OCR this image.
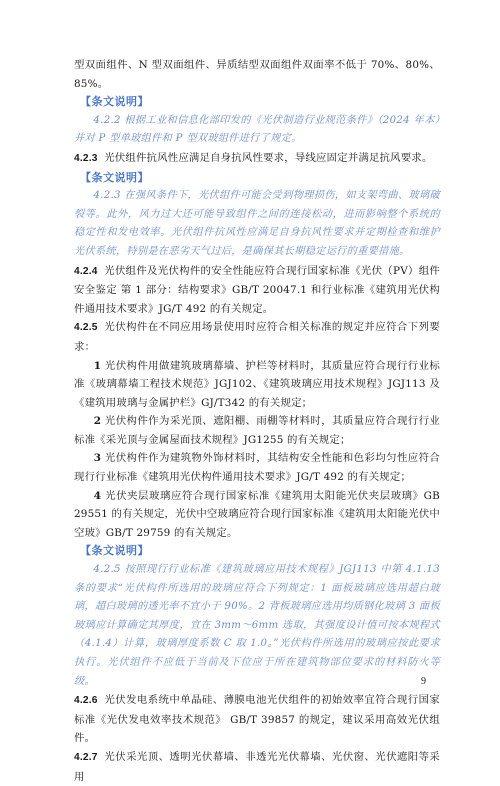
型双面组件、N 型双面组件、异质结型双面组件双面率不低于 70%、80%、85%。

【条文说明】

4.2.2 根据工业和信息化部印发的《光伏制造行业规范条件》（2024 年本）并对 P 型单玻组件和 P 型双玻组件进行了规定。

4.2.3 光伏组件抗风性应满足自身抗风性要求，导线应固定并满足抗风要求。

【条文说明】

4.2.3 在强风条件下，光伏组件可能会受到物理损伤，如支架弯曲、玻璃破裂等。此外，风力过大还可能导致组件之间的连接松动，进而影响整个系统的稳定性和发电效率。光伏组件抗风性应满足自身抗风性要求并定期检查和维护光伏系统，特别是在恶劣天气过后，是确保其长期稳定运行的重要措施。

4.2.4 光伏组件及光伏构件的安全性能应符合现行国家标准《光伏（PV）组件安全鉴定 第 1 部分：结构要求》GB/T 20047.1 和行业标准《建筑用光伏构件通用技术要求》JG/T 492 的有关规定。

4.2.5 光伏构件在不同应用场景使用时应符合相关标准的规定并应符合下列要求：

1 光伏构件用做建筑玻璃幕墙、护栏等材料时，其质量应符合现行行业标准《玻璃幕墙工程技术规范》JGJ102、《建筑玻璃应用技术规程》JGJ113 及《建筑用玻璃与金属护栏》GJ/T342 的有关规定；

2 光伏构件作为采光顶、遮阳棚、雨棚等材料时，其质量应符合现行行业标准《采光顶与金属屋面技术规程》JG1255 的有关规定；

3 光伏构件作为建筑物外饰材料时，其结构安全性能和色彩均匀性应符合现行行业标准《建筑用光伏构件通用技术要求》JG/T 492 的有关规定；

4 光伏夹层玻璃应符合现行国家标准《建筑用太阳能光伏夹层玻璃》GB 29551 的有关规定，光伏中空玻璃应符合现行国家标准《建筑用太阳能光伏中空玻》GB/T 29759 的有关规定。

【条文说明】

4.2.5 按照现行行业标准《建筑玻璃应用技术规程》JGJ113 中第 4.1.13 条的要求“光伏构件所选用的玻璃应符合下列规定：1 面板玻璃应选用超白玻璃，超白玻璃的透光率不宜小于 90%。2 背板玻璃应选用均质钢化玻璃 3 面板玻璃应计算确定其厚度，宜在 3mm～6mm 选取，其强度设计值可按本规程式（4.1.4）计算，玻璃厚度系数 C 取 1.0。”光伏构件所选用的玻璃应按此要求执行。光伏组件不应低于当前及下位应于所在建筑物部位要求的材料防火等级。

4.2.6 光伏发电系统中单晶硅、薄膜电池光伏组件的初始效率宜符合现行国家标准《光伏发电效率技术规范》 GB/T 39857 的规定，建议采用高效光伏组件。

4.2.7 光伏采光顶、透明光伏幕墙、非透光光伏幕墙、光伏窗、光伏遮阳等采用

9
